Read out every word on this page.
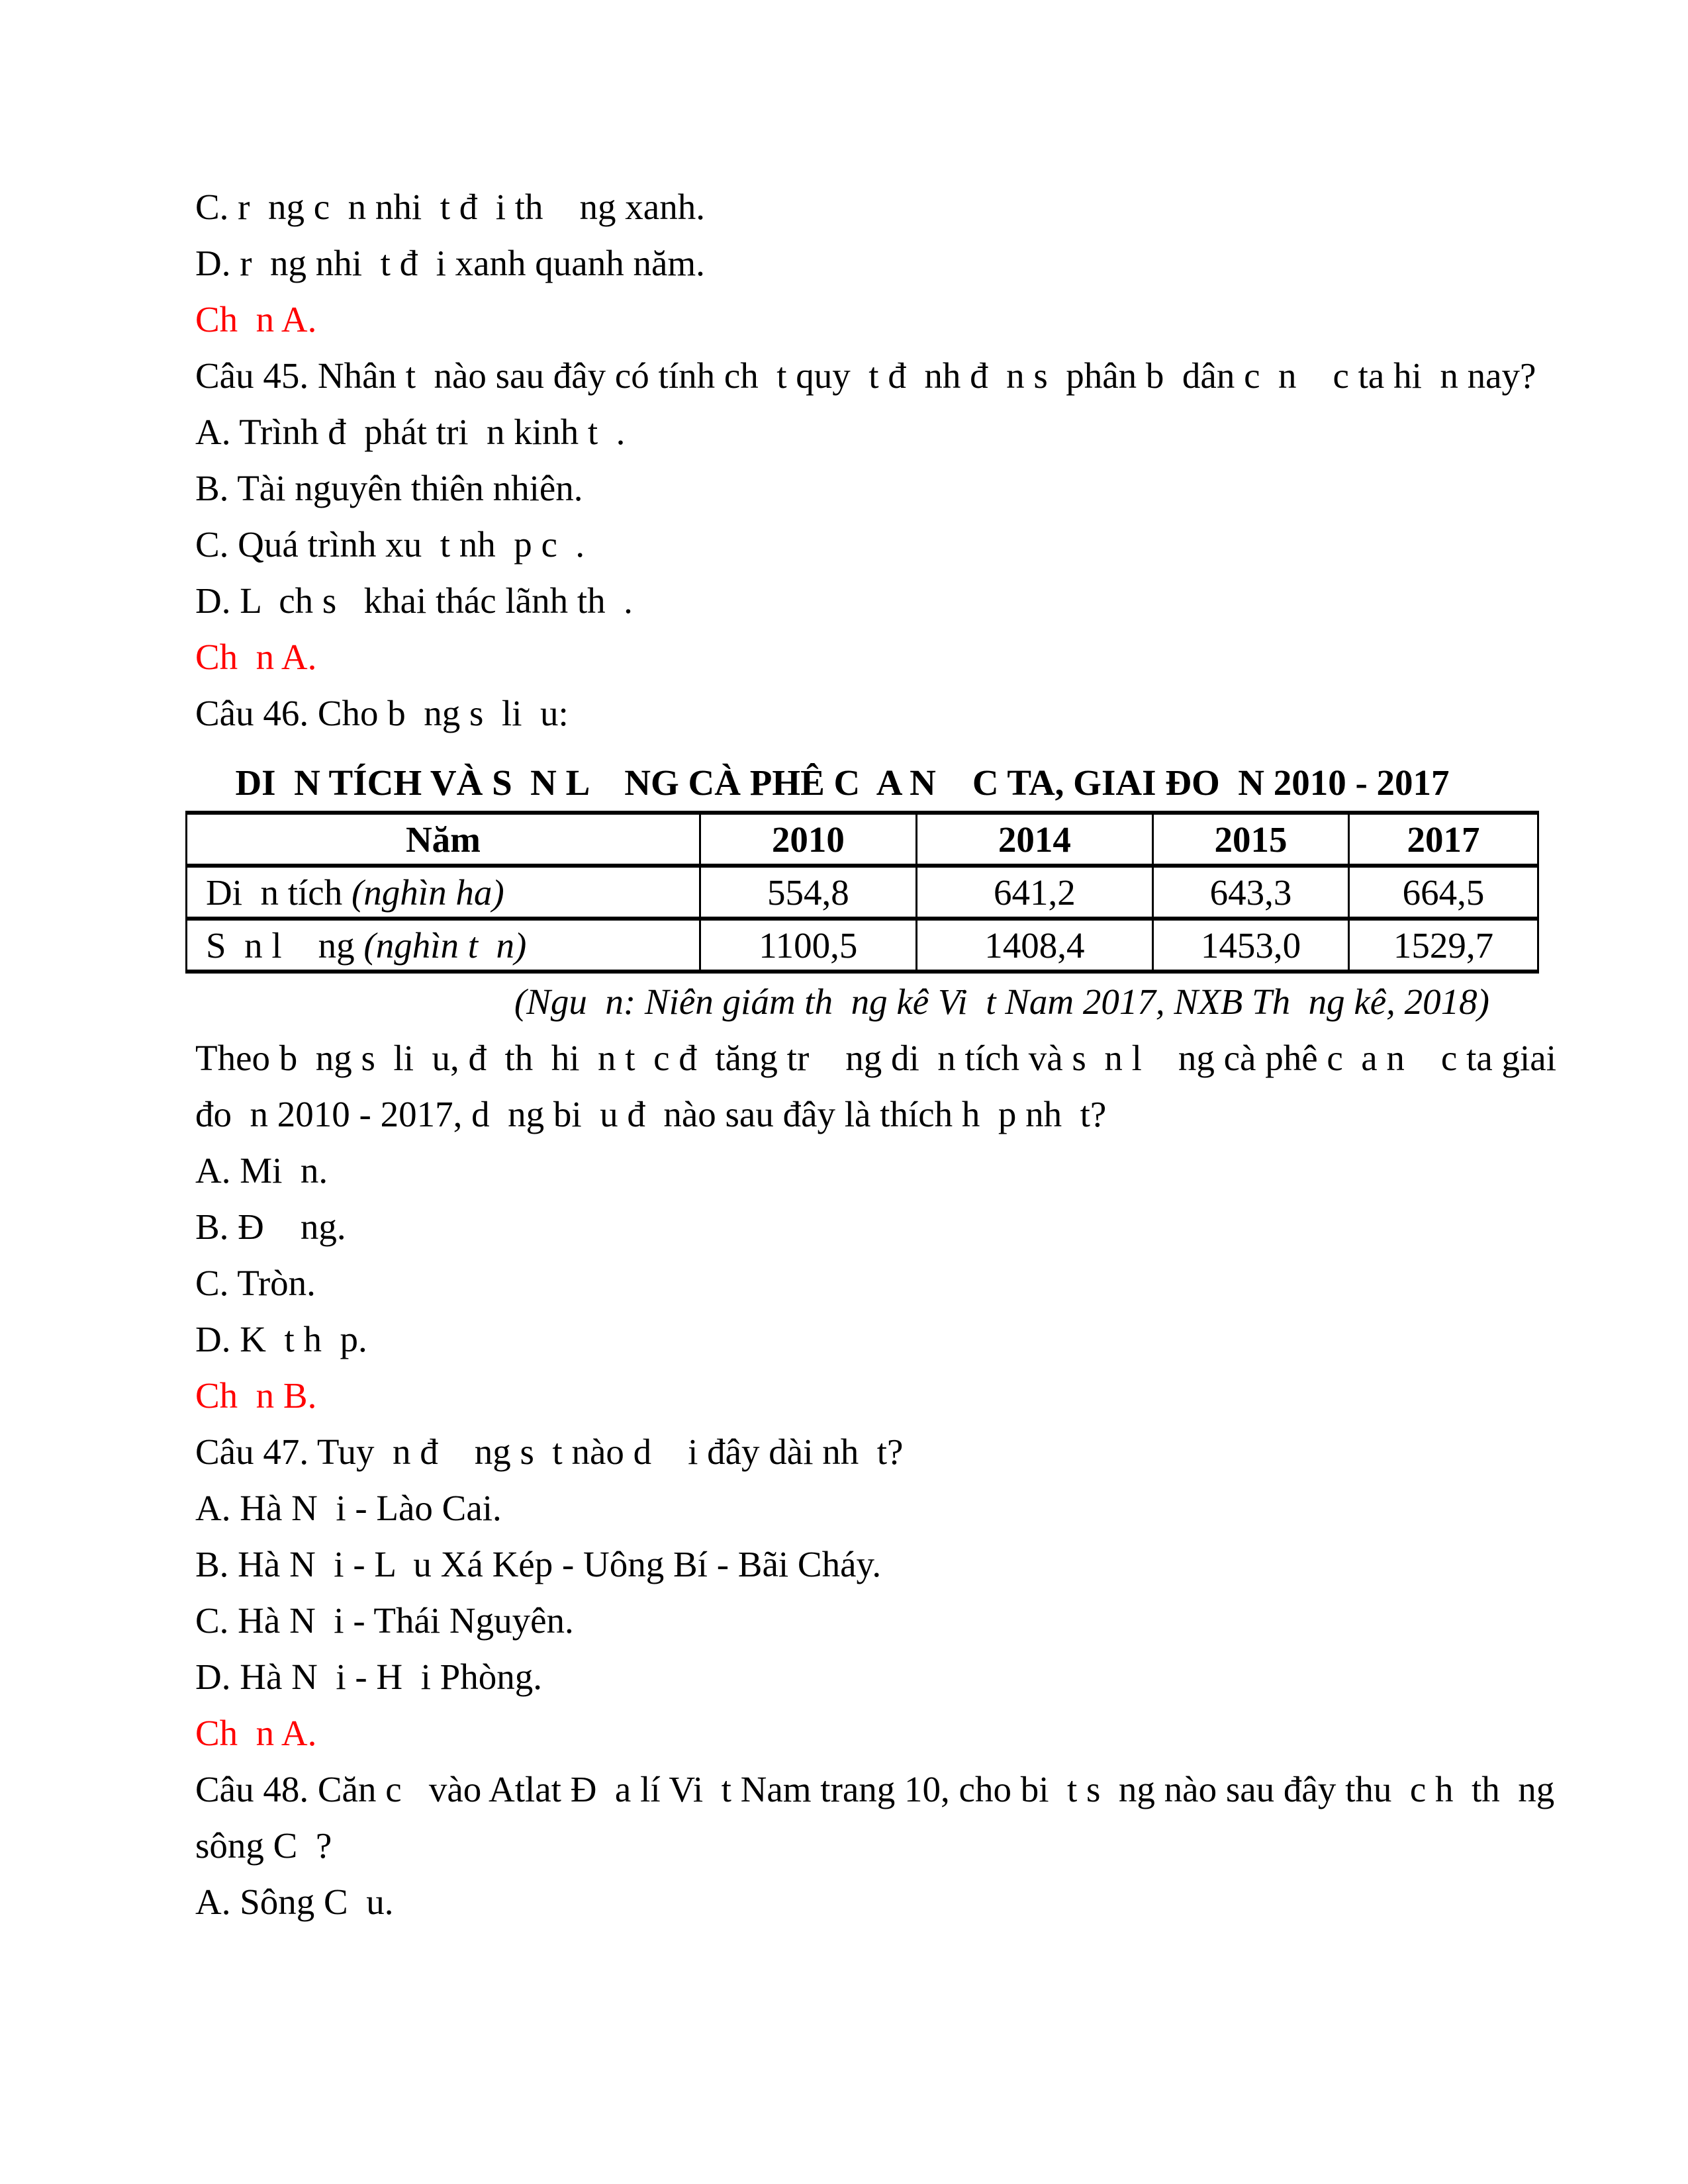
C. r  ng c  n nhi  t đ  i th    ng xanh.

D. r  ng nhi  t đ  i xanh quanh năm.

Ch  n A.

Câu 45. Nhân t  nào sau đây có tính ch  t quy  t đ  nh đ  n s  phân b  dân c  n    c ta hi  n nay?

A. Trình đ  phát tri  n kinh t  .

B. Tài nguyên thiên nhiên.

C. Quá trình xu  t nh  p c  .

D. L  ch s   khai thác lãnh th  .

Ch  n A.

Câu 46. Cho b  ng s  li  u:

DI  N TÍCH VÀ S  N L    NG CÀ PHÊ C  A N    C TA, GIAI ĐO  N 2010 - 2017

Năm	2010	2014	2015	2017
Di  n tích (nghìn ha)	554,8	641,2	643,3	664,5
S  n l    ng (nghìn t  n)	1100,5	1408,4	1453,0	1529,7

(Ngu  n: Niên giám th  ng kê Vi  t Nam 2017, NXB Th  ng kê, 2018)

Theo b  ng s  li  u, đ  th  hi  n t  c đ  tăng tr    ng di  n tích và s  n l    ng cà phê c  a n    c ta giai

đo  n 2010 - 2017, d  ng bi  u đ  nào sau đây là thích h  p nh  t?

A. Mi  n.

B. Đ    ng.

C. Tròn.

D. K  t h  p.

Ch  n B.

Câu 47. Tuy  n đ    ng s  t nào d    i đây dài nh  t?

A. Hà N  i - Lào Cai.

B. Hà N  i - L  u Xá Kép - Uông Bí - Bãi Cháy.

C. Hà N  i - Thái Nguyên.

D. Hà N  i - H  i Phòng.

Ch  n A.

Câu 48. Căn c   vào Atlat Đ  a lí Vi  t Nam trang 10, cho bi  t s  ng nào sau đây thu  c h  th  ng

sông C  ?

A. Sông C  u.
